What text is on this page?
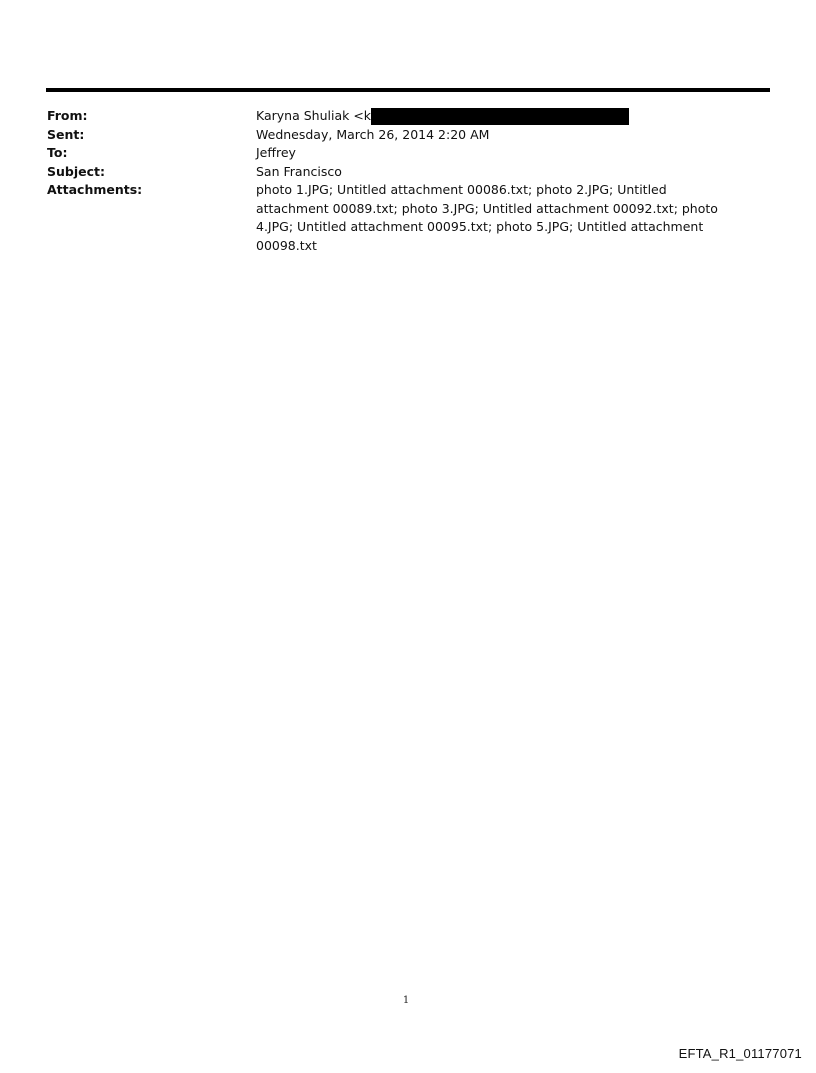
From:	Karyna Shuliak <k
Sent:	Wednesday, March 26, 2014 2:20 AM
To:	Jeffrey
Subject:	San Francisco
Attachments:	photo 1.JPG; Untitled attachment 00086.txt; photo 2.JPG; Untitled attachment 00089.txt; photo 3.JPG; Untitled attachment 00092.txt; photo 4.JPG; Untitled attachment 00095.txt; photo 5.JPG; Untitled attachment 00098.txt
1
EFTA_R1_01177071
